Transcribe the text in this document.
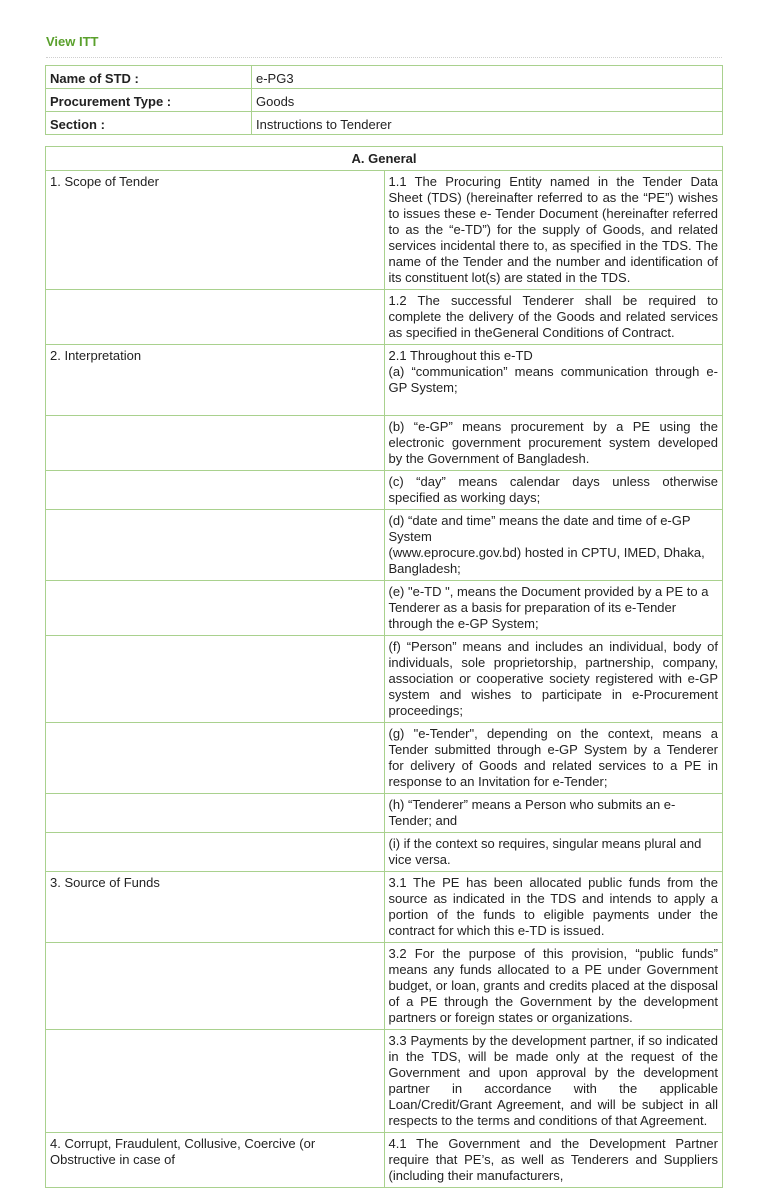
View ITT
Name of STD :	e-PG3
Procurement Type :	Goods
Section :	Instructions to Tenderer
A. General	
1. Scope of Tender	1.1 The Procuring Entity named in the Tender Data Sheet (TDS) (hereinafter referred to as the “PE”) wishes to issues these e- Tender Document (hereinafter referred to as the “e-TD”) for the supply of Goods, and related services incidental there to, as specified in the TDS. The name of the Tender and the number and identification of its constituent lot(s) are stated in the TDS.
	1.2 The successful Tenderer shall be required to complete the delivery of the Goods and related services as specified in theGeneral Conditions of Contract.
2. Interpretation	2.1 Throughout this e-TD
(a) “communication” means communication through e-GP System;

	(b) “e-GP” means procurement by a PE using the electronic government procurement system developed by the Government of Bangladesh.
	(c) “day” means calendar days unless otherwise specified as working days;

	(d) “date and time” means the date and time of e-GP System
(www.eprocure.gov.bd) hosted in CPTU, IMED, Dhaka, Bangladesh;

	(e) "e-TD ", means the Document provided by a PE to a Tenderer as a basis for preparation of its e-Tender through the e-GP System;
	(f) “Person” means and includes an individual, body of individuals, sole proprietorship, partnership, company, association or cooperative society registered with e-GP system and wishes to participate in e-Procurement proceedings;
	(g) "e-Tender", depending on the context, means a Tender submitted through e-GP System by a Tenderer for delivery of Goods and related services to a PE in response to an Invitation for e-Tender;
	(h) “Tenderer” means a Person who submits an e-Tender; and
	(i) if the context so requires, singular means plural and vice versa.
3. Source of Funds	3.1 The PE has been allocated public funds from the source as indicated in the TDS and intends to apply a portion of the funds to eligible payments under the contract for which this e-TD is issued.
	3.2 For the purpose of this provision, “public funds” means any funds allocated to a PE under Government budget, or loan, grants and credits placed at the disposal of a PE through the Government by the development partners or foreign states or organizations.
	3.3 Payments by the development partner, if so indicated in the TDS, will be made only at the request of the Government and upon approval by the development partner in accordance with the applicable Loan/Credit/Grant Agreement, and will be subject in all respects to the terms and conditions of that Agreement.
4. Corrupt, Fraudulent, Collusive, Coercive (or Obstructive in case of	4.1 The Government and the Development Partner require that PE’s, as well as Tenderers and Suppliers (including their manufacturers,
